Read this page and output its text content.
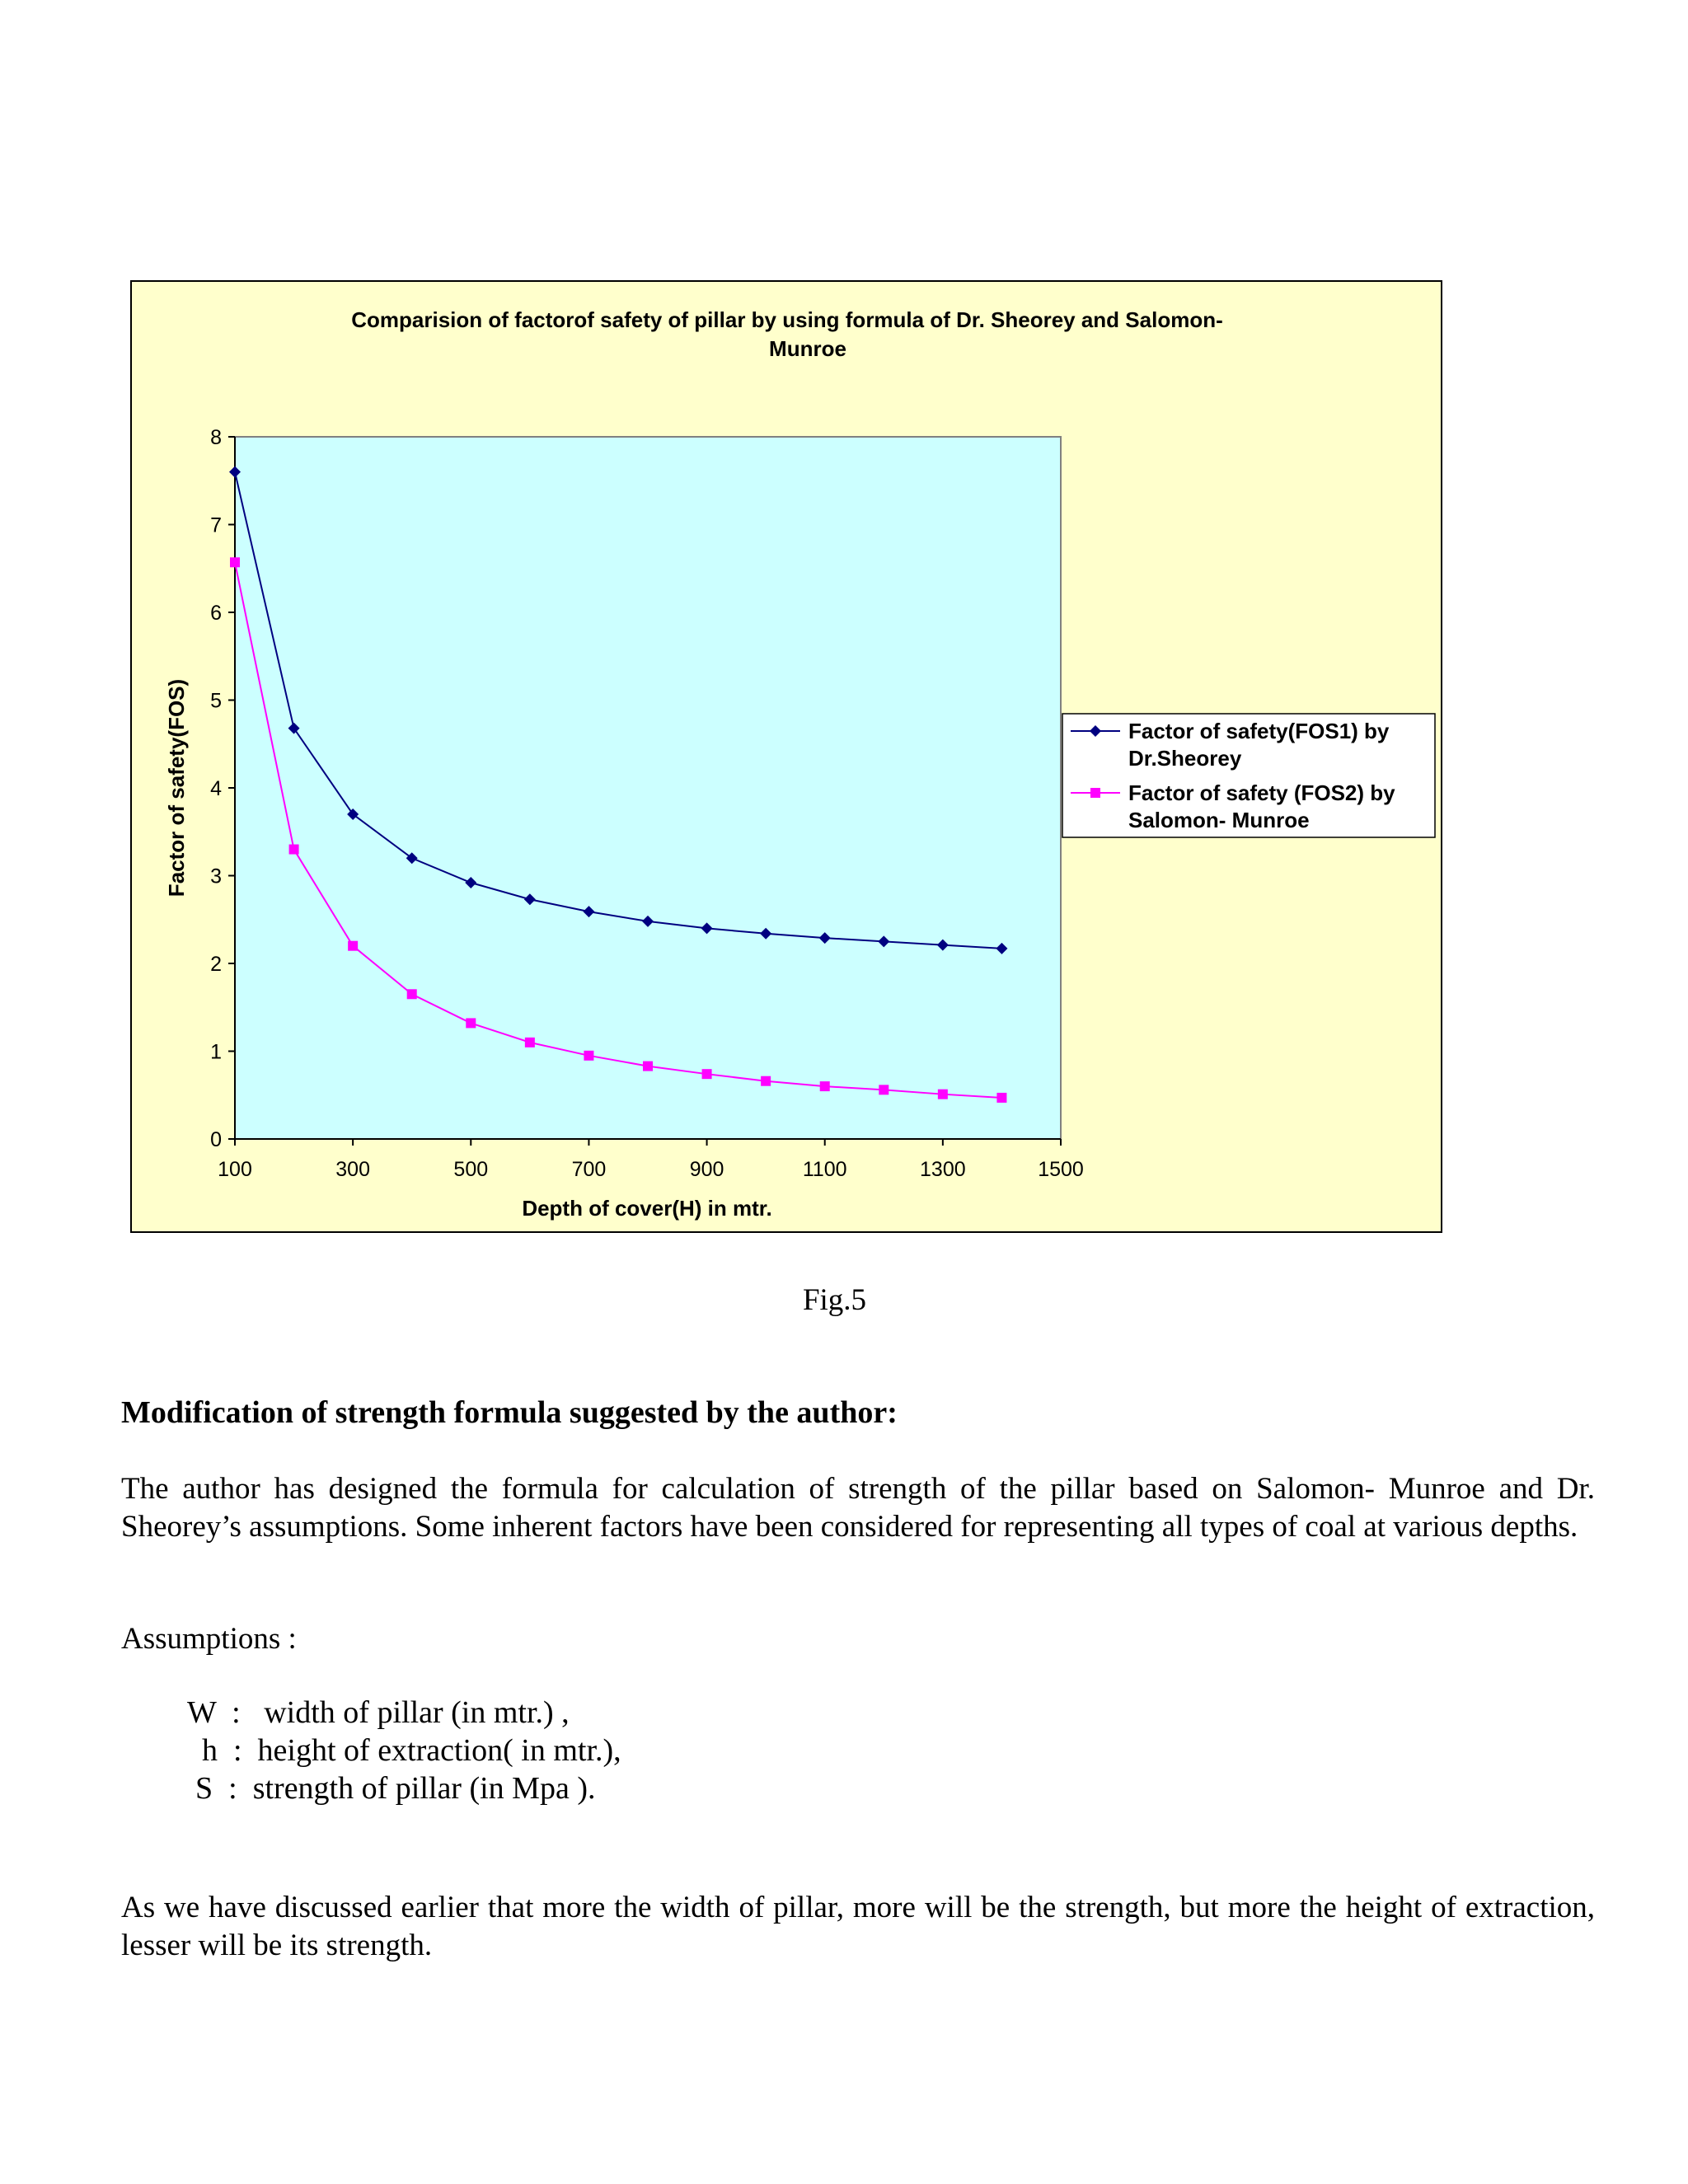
Comparision of factorof safety of pillar by using formula of Dr. Sheorey and Salomon-
Munroe
0
1
2
3
4
5
6
7
8
100	300	500	700	900	1100	1300	1500
Depth of cover(H) in mtr.
Factor of safety(FOS)	Factor of safety(FOS1) by
Dr.Sheorey
Factor of safety (FOS2) by
Salomon- Munroe
Fig.5
Modification of strength formula suggested by the author:
The author has designed the formula for calculation of strength of the pillar based on Salomon- Munroe and Dr. Sheorey’s assumptions. Some inherent factors have been considered for representing all types of coal at various depths.
Assumptions :
W  :   width of pillar (in mtr.) ,
h  :  height of extraction( in mtr.),
S  :  strength of pillar (in Mpa ).
As we have discussed earlier that more the width of pillar, more will be the strength, but more the height of extraction, lesser will be its strength.
